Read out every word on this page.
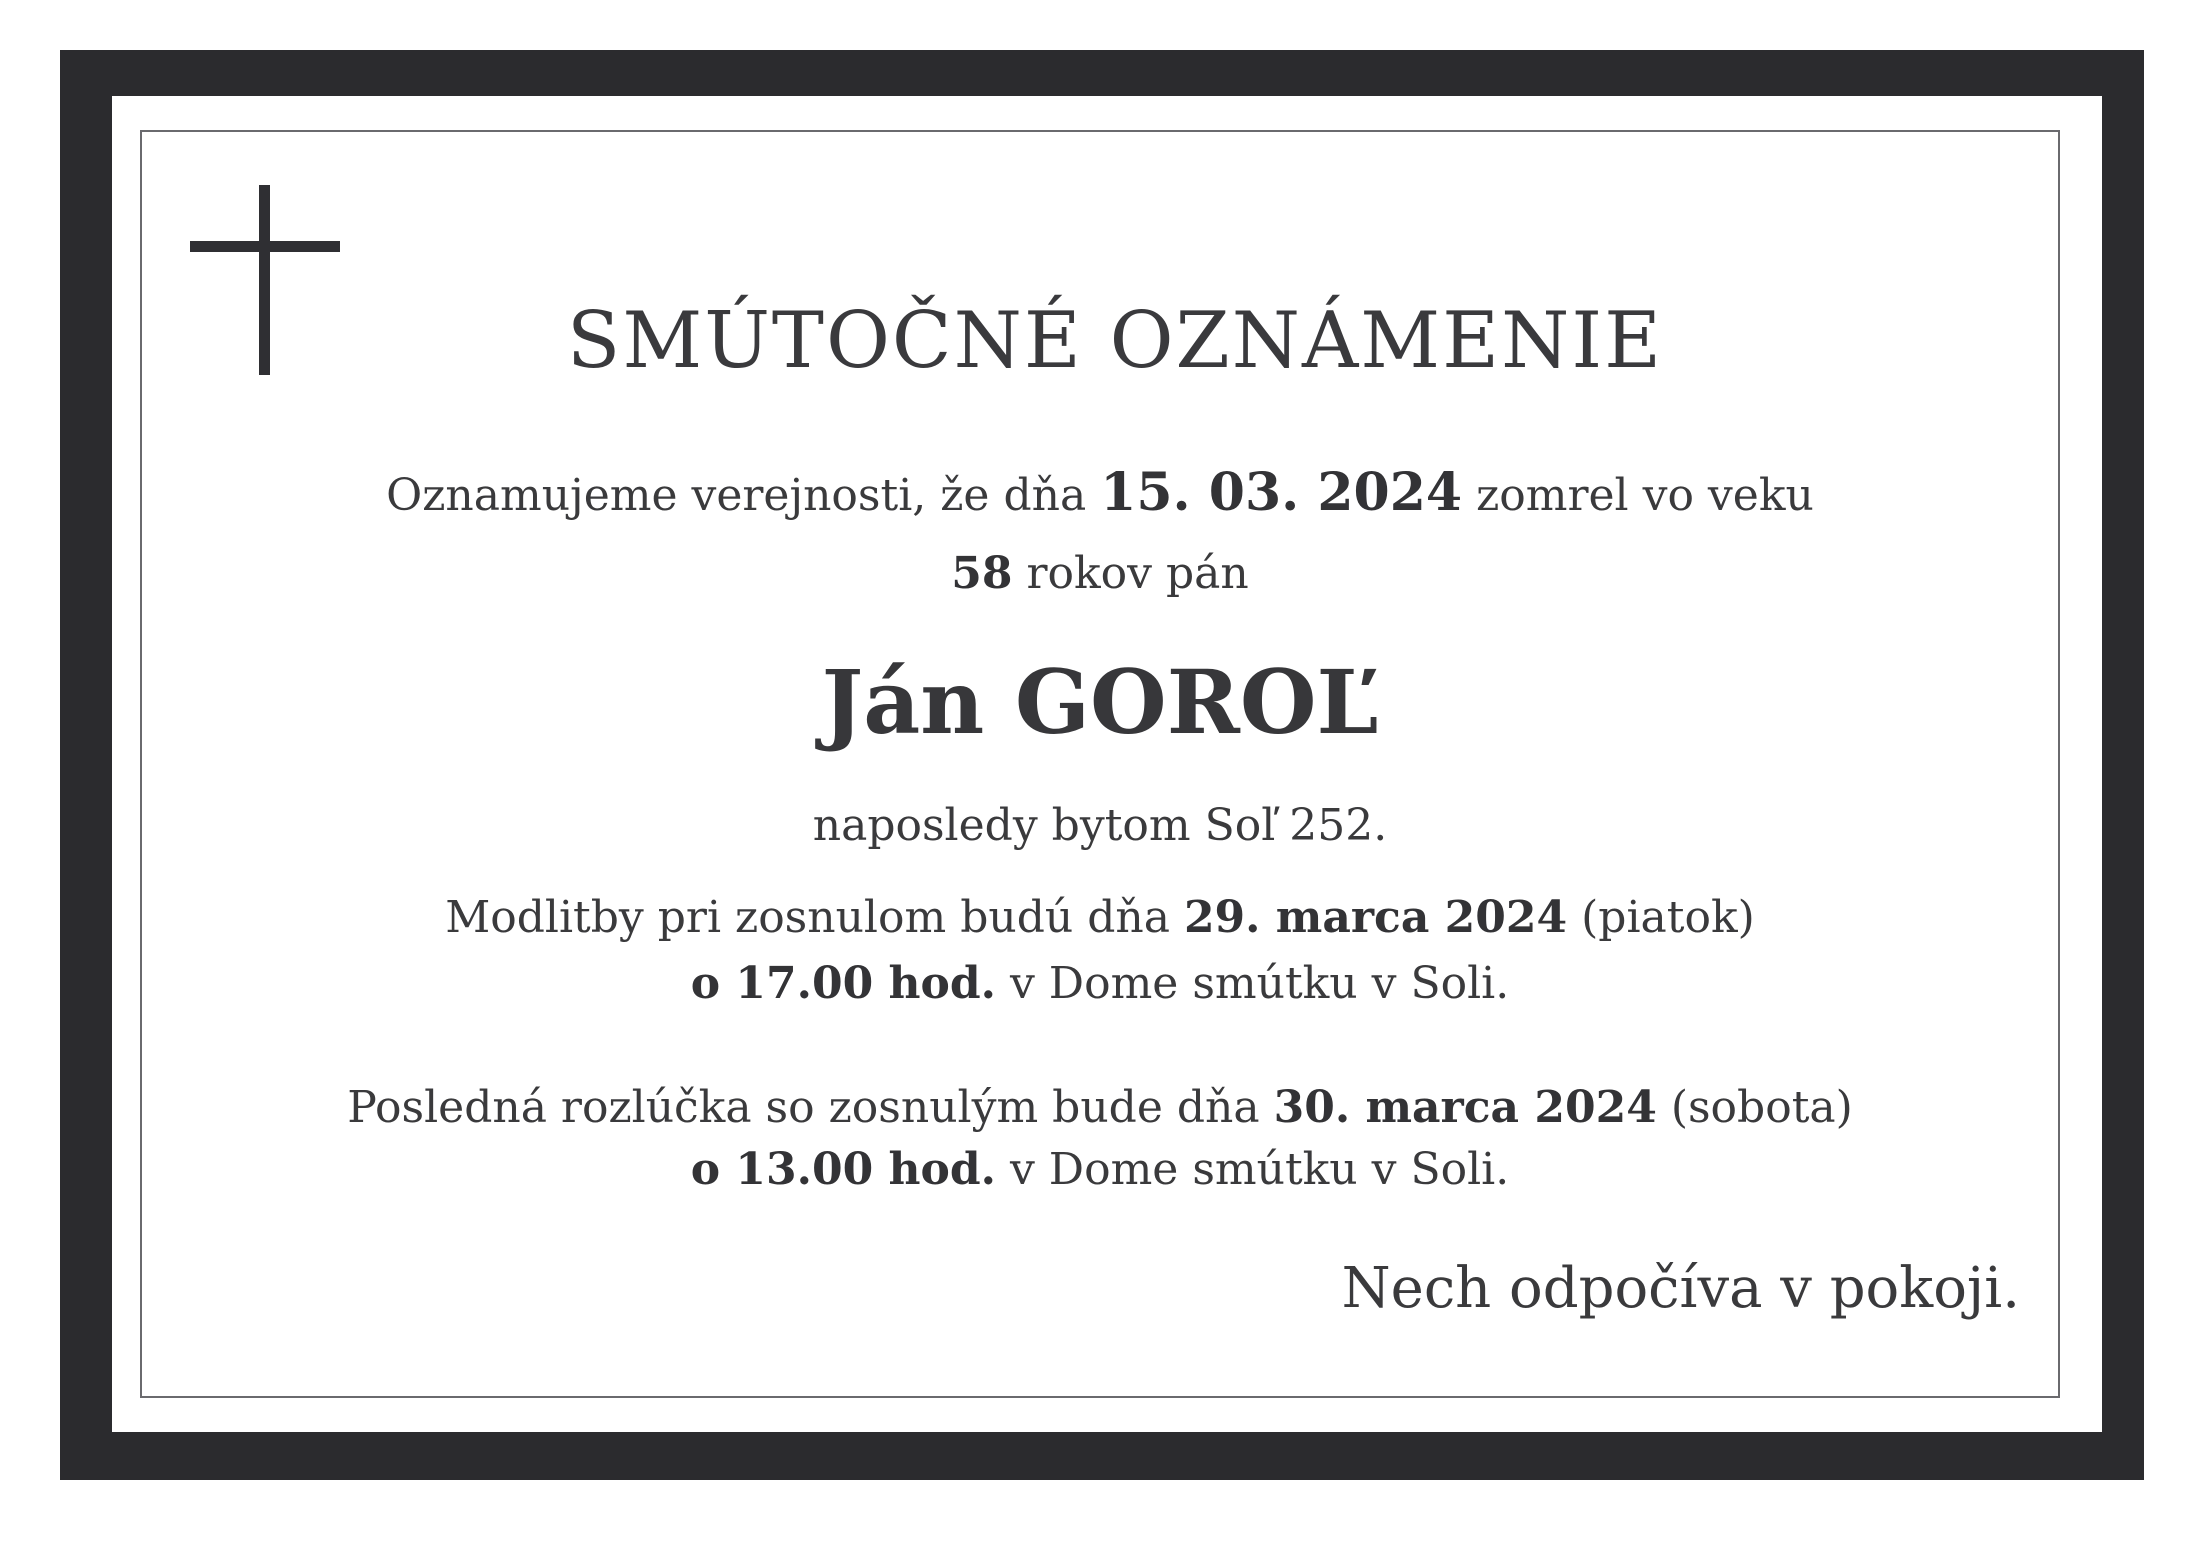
SMÚTOČNÉ OZNÁMENIE
Oznamujeme verejnosti, že dňa 15. 03. 2024 zomrel vo veku
58 rokov pán
Ján GOROĽ
naposledy bytom Soľ 252.
Modlitby pri zosnulom budú dňa 29. marca 2024 (piatok)
o 17.00 hod. v Dome smútku v Soli.
Posledná rozlúčka so zosnulým bude dňa 30. marca 2024 (sobota)
o 13.00 hod. v Dome smútku v Soli.
Nech odpočíva v pokoji.
